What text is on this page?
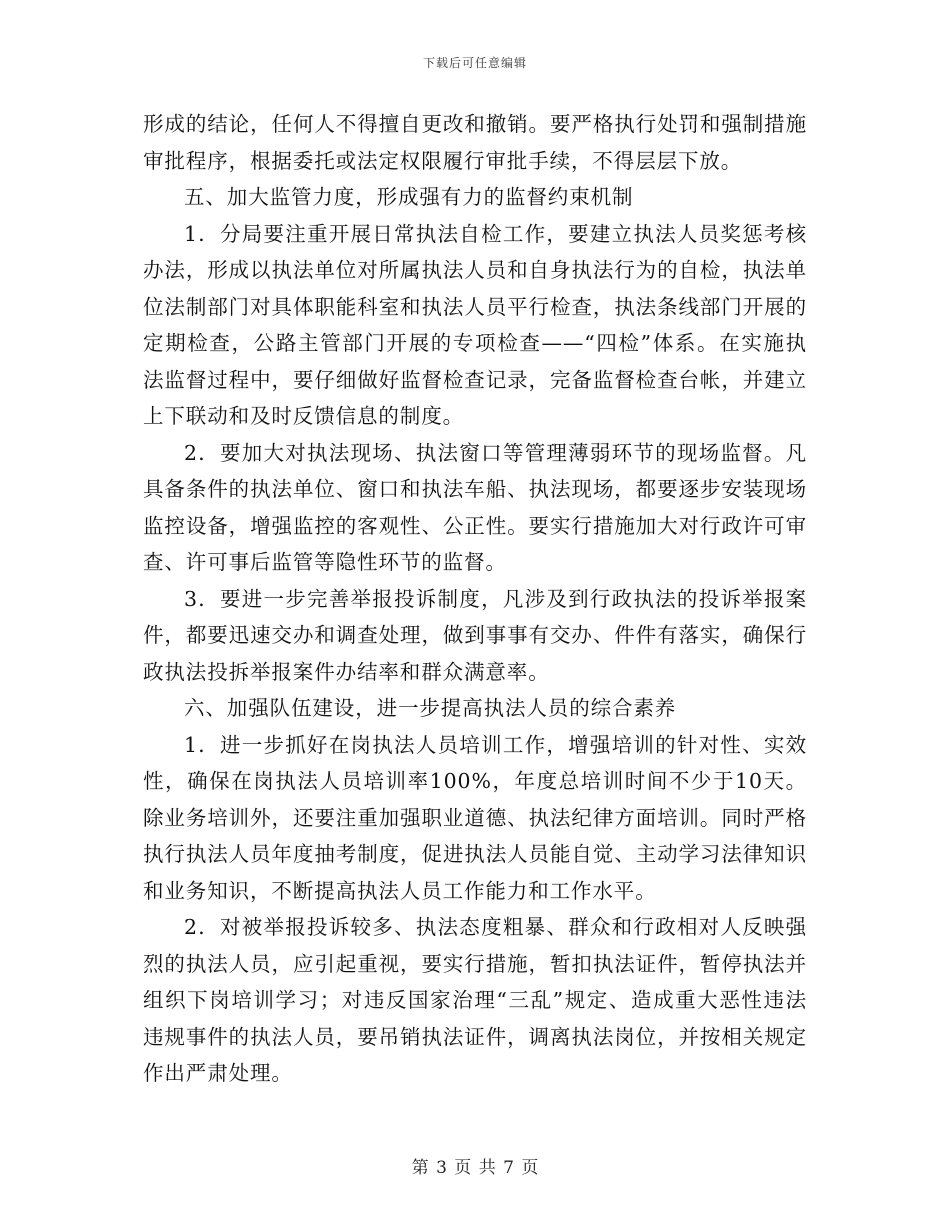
下载后可任意编辑

形成的结论，任何人不得擅自更改和撤销。要严格执行处罚和强制措施审批程序，根据委托或法定权限履行审批手续，不得层层下放。

五、加大监管力度，形成强有力的监督约束机制

1．分局要注重开展日常执法自检工作，要建立执法人员奖惩考核办法，形成以执法单位对所属执法人员和自身执法行为的自检，执法单位法制部门对具体职能科室和执法人员平行检查，执法条线部门开展的定期检查，公路主管部门开展的专项检查——“四检”体系。在实施执法监督过程中，要仔细做好监督检查记录，完备监督检查台帐，并建立上下联动和及时反馈信息的制度。

2．要加大对执法现场、执法窗口等管理薄弱环节的现场监督。凡具备条件的执法单位、窗口和执法车船、执法现场，都要逐步安装现场监控设备，增强监控的客观性、公正性。要实行措施加大对行政许可审查、许可事后监管等隐性环节的监督。

3．要进一步完善举报投诉制度，凡涉及到行政执法的投诉举报案件，都要迅速交办和调查处理，做到事事有交办、件件有落实，确保行政执法投拆举报案件办结率和群众满意率。

六、加强队伍建设，进一步提高执法人员的综合素养

1．进一步抓好在岗执法人员培训工作，增强培训的针对性、实效性，确保在岗执法人员培训率100%，年度总培训时间不少于10天。除业务培训外，还要注重加强职业道德、执法纪律方面培训。同时严格执行执法人员年度抽考制度，促进执法人员能自觉、主动学习法律知识和业务知识，不断提高执法人员工作能力和工作水平。

2．对被举报投诉较多、执法态度粗暴、群众和行政相对人反映强烈的执法人员，应引起重视，要实行措施，暂扣执法证件，暂停执法并组织下岗培训学习；对违反国家治理“三乱”规定、造成重大恶性违法违规事件的执法人员，要吊销执法证件，调离执法岗位，并按相关规定作出严肃处理。

第 3 页 共 7 页
